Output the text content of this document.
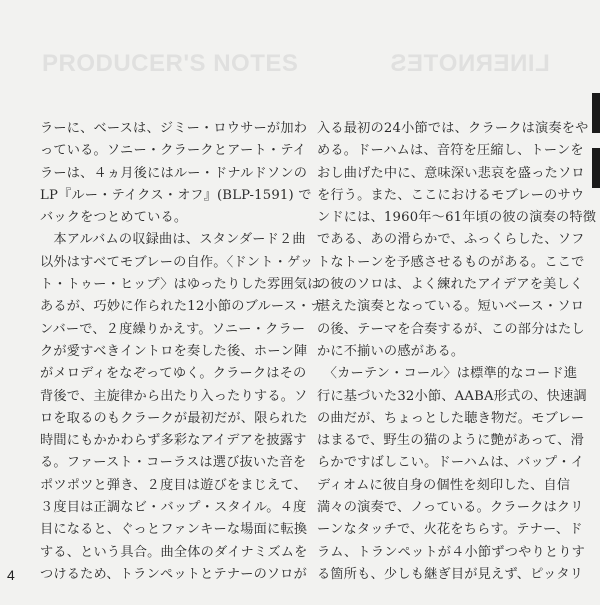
PRODUCER'S NOTES	LINERNOTES
ラーに、ベースは、ジミー・ロウサーが加わ
っている。ソニー・クラークとアート・テイ
ラーは、４ヵ月後にはルー・ドナルドソンの
LP『ルー・テイクス・オフ』(BLP-1591) で
バックをつとめている。
　本アルバムの収録曲は、スタンダード２曲
以外はすべてモブレーの自作。〈ドント・ゲッ
ト・トゥー・ヒップ〉はゆったりした雰囲気は
あるが、巧妙に作られた12小節のブルース・ナ
ンバーで、２度繰りかえす。ソニー・クラー
クが愛すべきイントロを奏した後、ホーン陣
がメロディをなぞってゆく。クラークはその
背後で、主旋律から出たり入ったりする。ソ
ロを取るのもクラークが最初だが、限られた
時間にもかかわらず多彩なアイデアを披露す
る。ファースト・コーラスは選び抜いた音を
ポツポツと弾き、２度目は遊びをまじえて、
３度目は正調なビ・バップ・スタイル。４度
目になると、ぐっとファンキーな場面に転換
する、という具合。曲全体のダイナミズムを
つけるため、トランペットとテナーのソロが
入る最初の24小節では、クラークは演奏をや
める。ドーハムは、音符を圧縮し、トーンを
おし曲げた中に、意味深い悲哀を盛ったソロ
を行う。また、ここにおけるモブレーのサウ
ンドには、1960年〜61年頃の彼の演奏の特徴
である、あの滑らかで、ふっくらした、ソフ
トなトーンを予感させるものがある。ここで
の彼のソロは、よく練れたアイデアを美しく
湛えた演奏となっている。短いベース・ソロ
の後、テーマを合奏するが、この部分はたし
かに不揃いの感がある。
　〈カーテン・コール〉は標準的なコード進
行に基づいた32小節、AABA形式の、快速調
の曲だが、ちょっとした聴き物だ。モブレー
はまるで、野生の猫のように艶があって、滑
らかですばしこい。ドーハムは、バップ・イ
ディオムに彼自身の個性を刻印した、自信
満々の演奏で、ノっている。クラークはクリ
ーンなタッチで、火花をちらす。テナー、ド
ラム、トランペットが４小節ずつやりとりす
る箇所も、少しも継ぎ目が見えず、ピッタリ
4
